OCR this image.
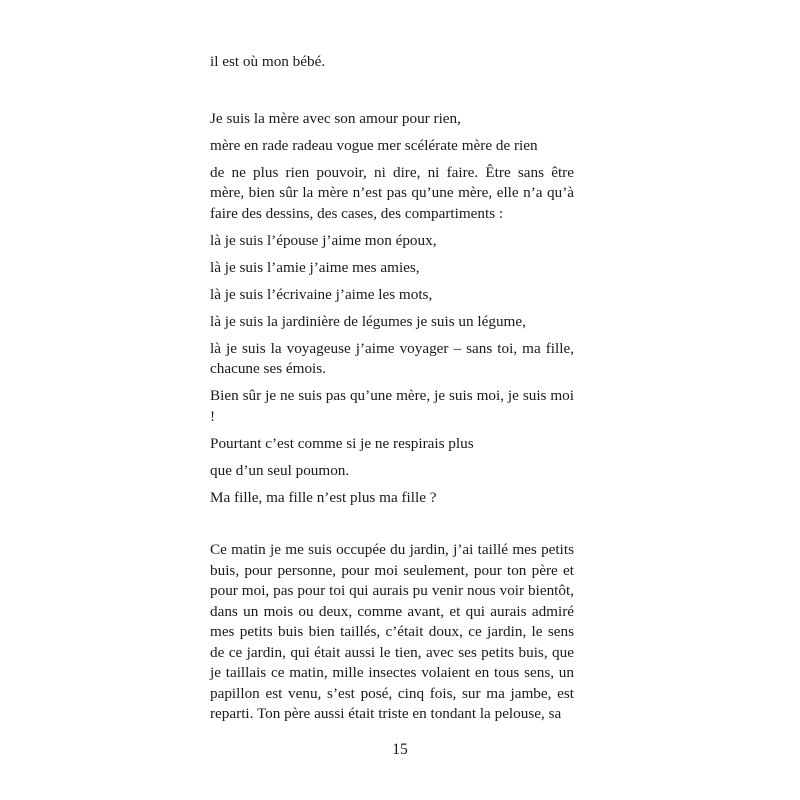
il est où mon bébé.

Je suis la mère avec son amour pour rien,

mère en rade radeau vogue mer scélérate mère de rien

de ne plus rien pouvoir, ni dire, ni faire. Être sans être mère, bien sûr la mère n’est pas qu’une mère, elle n’a qu’à faire des dessins, des cases, des compartiments :

là je suis l’épouse j’aime mon époux,

là je suis l’amie j’aime mes amies,

là je suis l’écrivaine j’aime les mots,

là je suis la jardinière de légumes je suis un légume,

là je suis la voyageuse j’aime voyager – sans toi, ma fille, chacune ses émois.

Bien sûr je ne suis pas qu’une mère, je suis moi, je suis moi !

Pourtant c’est comme si je ne respirais plus

que d’un seul poumon.

Ma fille, ma fille n’est plus ma fille ?

Ce matin je me suis occupée du jardin, j’ai taillé mes petits buis, pour personne, pour moi seulement, pour ton père et pour moi, pas pour toi qui aurais pu venir nous voir bientôt, dans un mois ou deux, comme avant, et qui aurais admiré mes petits buis bien taillés, c’était doux, ce jardin, le sens de ce jardin, qui était aussi le tien, avec ses petits buis, que je taillais ce matin, mille insectes volaient en tous sens, un papillon est venu, s’est posé, cinq fois, sur ma jambe, est reparti. Ton père aussi était triste en tondant la pelouse, sa

15
